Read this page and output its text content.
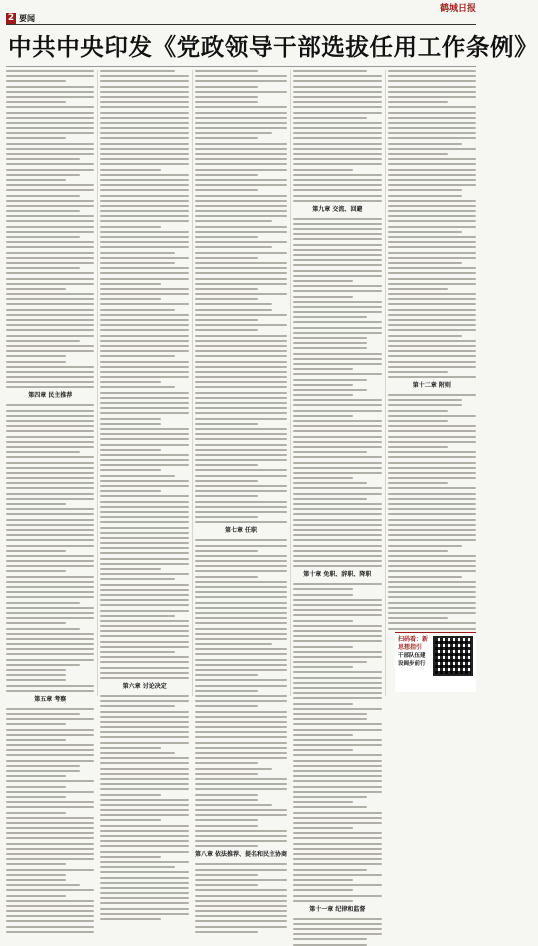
鹤城日报
2 要闻
中共中央印发《党政领导干部选拔任用工作条例》
第四章 民主推荐
第五章 考察
第六章 讨论决定
第七章 任职
第八章 依法推荐、提名和民主协商
第九章 交流、回避
第十章 免职、辞职、降职
第十一章 纪律和监督
第十二章 附则
扫码看：新思想指引
干部队伍建设阔步前行
